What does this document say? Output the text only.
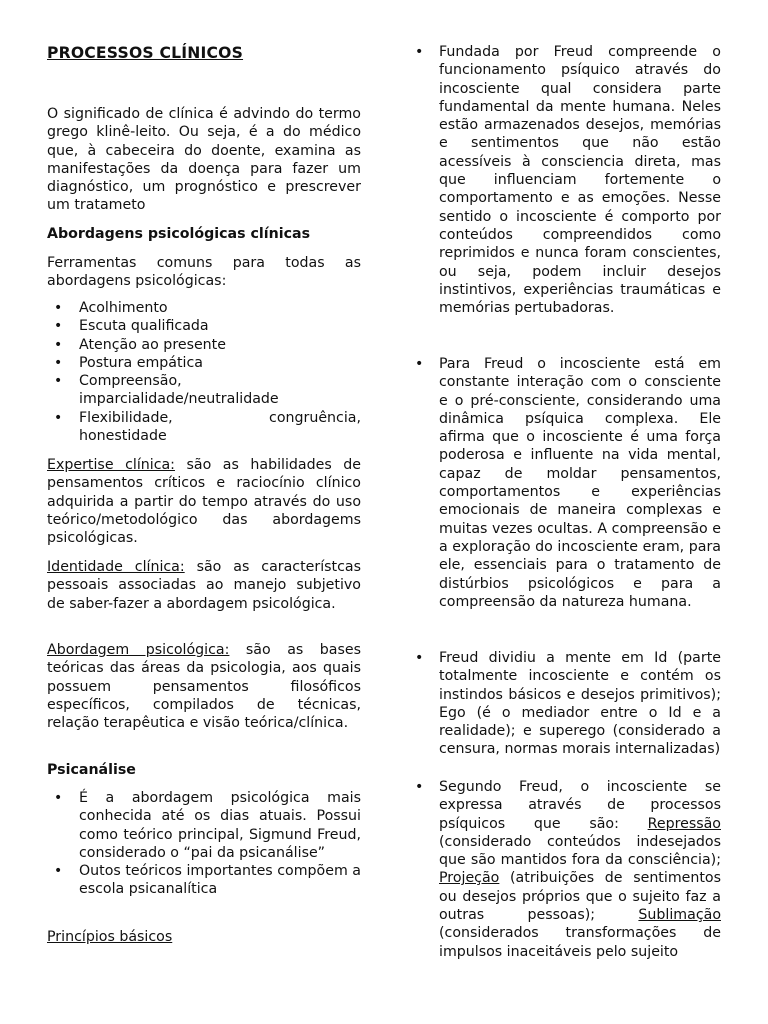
PROCESSOS CLÍNICOS

O significado de clínica é advindo do termo grego klinê-leito. Ou seja, é a do médico que, à cabeceira do doente, examina as manifestações da doença para fazer um diagnóstico, um prognóstico e prescrever um tratameto

Abordagens psicológicas clínicas

Ferramentas comuns para todas as abordagens psicológicas:

• Acolhimento
• Escuta qualificada
• Atenção ao presente
• Postura empática
• Compreensão, imparcialidade/neutralidade
• Flexibilidade, congruência, honestidade

Expertise clínica: são as habilidades de pensamentos críticos e raciocínio clínico adquirida a partir do tempo através do uso teórico/metodológico das abordagems psicológicas.

Identidade clínica: são as característcas pessoais associadas ao manejo subjetivo de saber-fazer a abordagem psicológica.

Abordagem psicológica: são as bases teóricas das áreas da psicologia, aos quais possuem pensamentos filosóficos específicos, compilados de técnicas, relação terapêutica e visão teórica/clínica.

Psicanálise

• É a abordagem psicológica mais conhecida até os dias atuais. Possui como teórico principal, Sigmund Freud, considerado o “pai da psicanálise”
• Outos teóricos importantes compõem a escola psicanalítica

Princípios básicos

• Fundada por Freud compreende o funcionamento psíquico através do incosciente qual considera parte fundamental da mente humana. Neles estão armazenados desejos, memórias e sentimentos que não estão acessíveis à consciencia direta, mas que influenciam fortemente o comportamento e as emoções. Nesse sentido o incosciente é comporto por conteúdos compreendidos como reprimidos e nunca foram conscientes, ou seja, podem incluir desejos instintivos, experiências traumáticas e memórias pertubadoras.
• Para Freud o incosciente está em constante interação com o consciente e o pré-consciente, considerando uma dinâmica psíquica complexa. Ele afirma que o incosciente é uma força poderosa e influente na vida mental, capaz de moldar pensamentos, comportamentos e experiências emocionais de maneira complexas e muitas vezes ocultas. A compreensão e a exploração do incosciente eram, para ele, essenciais para o tratamento de distúrbios psicológicos e para a compreensão da natureza humana.
• Freud dividiu a mente em Id (parte totalmente incosciente e contém os instindos básicos e desejos primitivos); Ego (é o mediador entre o Id e a realidade); e superego (considerado a censura, normas morais internalizadas)
• Segundo Freud, o incosciente se expressa através de processos psíquicos que são: Repressão (considerado conteúdos indesejados que são mantidos fora da consciência); Projeção (atribuições de sentimentos ou desejos próprios que o sujeito faz a outras pessoas); Sublimação (considerados transformações de impulsos inaceitáveis pelo sujeito
